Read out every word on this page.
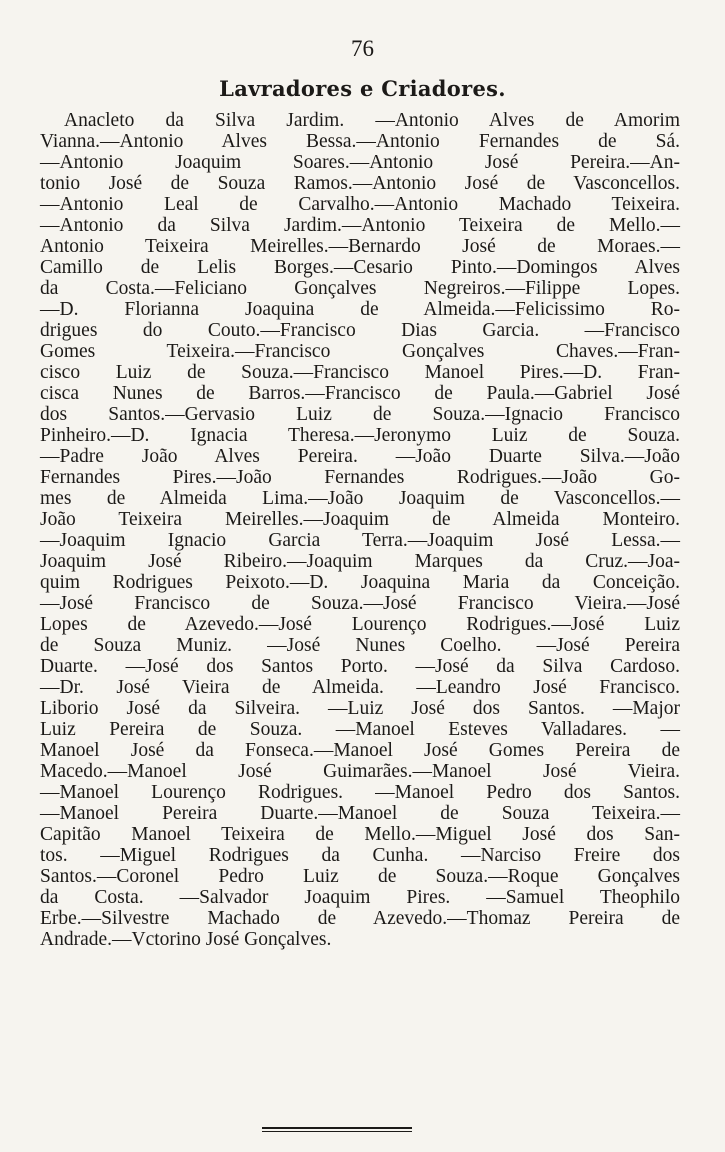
76
Lavradores e Criadores.
Anacleto da Silva Jardim. —Antonio Alves de Amorim
Vianna.—Antonio Alves Bessa.—Antonio Fernandes de Sá.
—Antonio Joaquim Soares.—Antonio José Pereira.—An-
tonio José de Souza Ramos.—Antonio José de Vasconcellos.
—Antonio Leal de Carvalho.—Antonio Machado Teixeira.
—Antonio da Silva Jardim.—Antonio Teixeira de Mello.—
Antonio Teixeira Meirelles.—Bernardo José de Moraes.—
Camillo de Lelis Borges.—Cesario Pinto.—Domingos Alves
da Costa.—Feliciano Gonçalves Negreiros.—Filippe Lopes.
—D. Florianna Joaquina de Almeida.—Felicissimo Ro-
drigues do Couto.—Francisco Dias Garcia. —Francisco
Gomes Teixeira.—Francisco Gonçalves Chaves.—Fran-
cisco Luiz de Souza.—Francisco Manoel Pires.—D. Fran-
cisca Nunes de Barros.—Francisco de Paula.—Gabriel José
dos Santos.—Gervasio Luiz de Souza.—Ignacio Francisco
Pinheiro.—D. Ignacia Theresa.—Jeronymo Luiz de Souza.
—Padre João Alves Pereira. —João Duarte Silva.—João
Fernandes Pires.—João Fernandes Rodrigues.—João Go-
mes de Almeida Lima.—João Joaquim de Vasconcellos.—
João Teixeira Meirelles.—Joaquim de Almeida Monteiro.
—Joaquim Ignacio Garcia Terra.—Joaquim José Lessa.—
Joaquim José Ribeiro.—Joaquim Marques da Cruz.—Joa-
quim Rodrigues Peixoto.—D. Joaquina Maria da Conceição.
—José Francisco de Souza.—José Francisco Vieira.—José
Lopes de Azevedo.—José Lourenço Rodrigues.—José Luiz
de Souza Muniz. —José Nunes Coelho. —José Pereira
Duarte. —José dos Santos Porto. —José da Silva Cardoso.
—Dr. José Vieira de Almeida. —Leandro José Francisco.
Liborio José da Silveira. —Luiz José dos Santos. —Major
Luiz Pereira de Souza. —Manoel Esteves Valladares. —
Manoel José da Fonseca.—Manoel José Gomes Pereira de
Macedo.—Manoel José Guimarães.—Manoel José Vieira.
—Manoel Lourenço Rodrigues. —Manoel Pedro dos Santos.
—Manoel Pereira Duarte.—Manoel de Souza Teixeira.—
Capitão Manoel Teixeira de Mello.—Miguel José dos San-
tos. —Miguel Rodrigues da Cunha. —Narciso Freire dos
Santos.—Coronel Pedro Luiz de Souza.—Roque Gonçalves
da Costa. —Salvador Joaquim Pires. —Samuel Theophilo
Erbe.—Silvestre Machado de Azevedo.—Thomaz Pereira de
Andrade.—Vctorino José Gonçalves.
